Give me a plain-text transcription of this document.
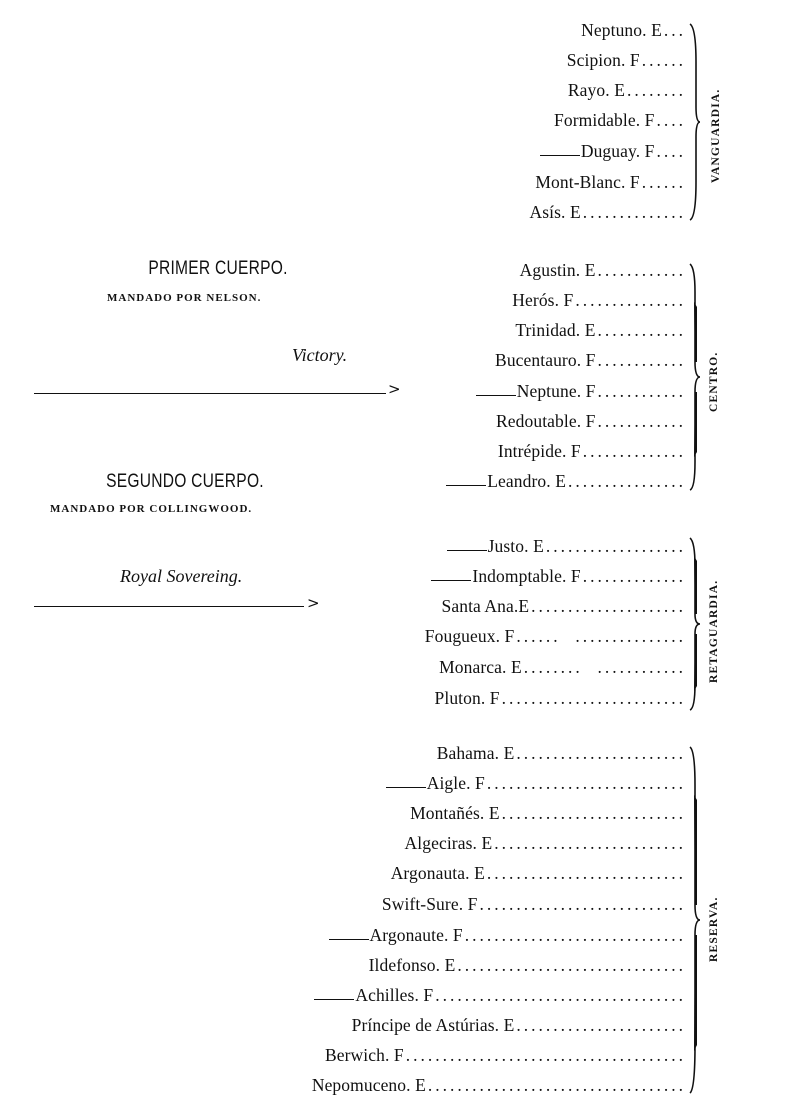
Neptuno. E ...
Scipion. F ......
Rayo. E ........
Formidable. F ....
Duguay. F ....
Mont-Blanc. F ......
Asís. E ..............
VANGUARDIA.
PRIMER CUERPO.
MANDADO POR NELSON.
Victory.
>
Agustin. E ............
Herós. F ...............
Trinidad. E ............
Bucentauro. F ............
Neptune. F ............
Redoutable. F ............
Intrépide. F ..............
Leandro. E ................
CENTRO.
SEGUNDO CUERPO.
MANDADO POR COLLINGWOOD.
Royal Sovereing.
>
Justo. E ...................
Indomptable. F ..............
Santa Ana.E .....................
Fougueux. F ......  ...............
Monarca. E ........  ............
Pluton. F .........................
RETAGUARDIA.
Bahama. E .......................
Aigle. F ...........................
Montañés. E .........................
Algeciras. E ..........................
Argonauta. E ...........................
Swift-Sure. F ............................
Argonaute. F ..............................
Ildefonso. E ...............................
Achilles. F ..................................
Príncipe de Astúrias. E .......................
Berwich. F ......................................
Nepomuceno. E ...................................
RESERVA.
